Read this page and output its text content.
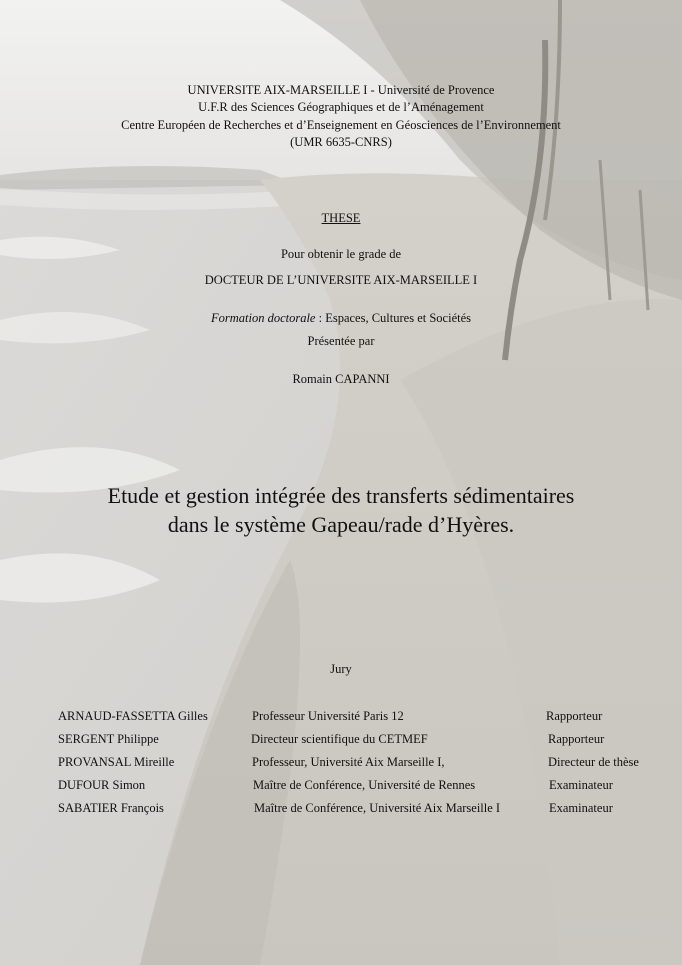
UNIVERSITE AIX-MARSEILLE I - Université de Provence
U.F.R des Sciences Géographiques et de l’Aménagement
Centre Européen de Recherches et d’Enseignement en Géosciences de l’Environnement
(UMR 6635-CNRS)
THESE
Pour obtenir le grade de
DOCTEUR DE L’UNIVERSITE AIX-MARSEILLE I
Formation doctorale : Espaces, Cultures et Sociétés
Présentée par
Romain CAPANNI
Etude et gestion intégrée des transferts sédimentaires
dans le système Gapeau/rade d’Hyères.
Jury
ARNAUD-FASSETTA Gilles	Professeur Université Paris 12	Rapporteur
SERGENT Philippe	Directeur scientifique du CETMEF	Rapporteur
PROVANSAL Mireille	Professeur, Université Aix Marseille I,	Directeur de thèse
DUFOUR Simon	Maître de Conférence, Université de Rennes	Examinateur
SABATIER François	Maître de Conférence, Université Aix Marseille I	Examinateur
